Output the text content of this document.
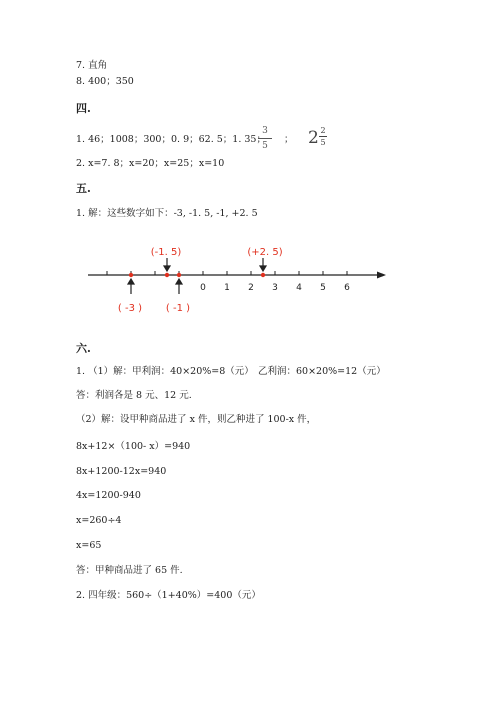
7. 直角
8. 400；350
四.
1. 46；1008；300；0. 9；62. 5；1. 35；
3
5
； 2 2
5
2. x=7. 8；x=20；x=25；x=10
五.
1. 解：这些数字如下：-3, -1. 5, -1, +2. 5
0 1 2 3 4 5 6
(-1. 5)	(+2. 5)
( -3 ) ( -1 )
六.
1. （1）解：甲利润：40×20%=8（元） 乙利润：60×20%=12（元）
答：利润各是 8 元、12 元.
（2）解：设甲种商品进了 x 件，则乙种进了 100-x 件，
8x+12×（100- x）=940
8x+1200-12x=940
4x=1200-940
x=260÷4
x=65
答：甲种商品进了 65 件.
2. 四年级：560÷（1+40%）=400（元）
